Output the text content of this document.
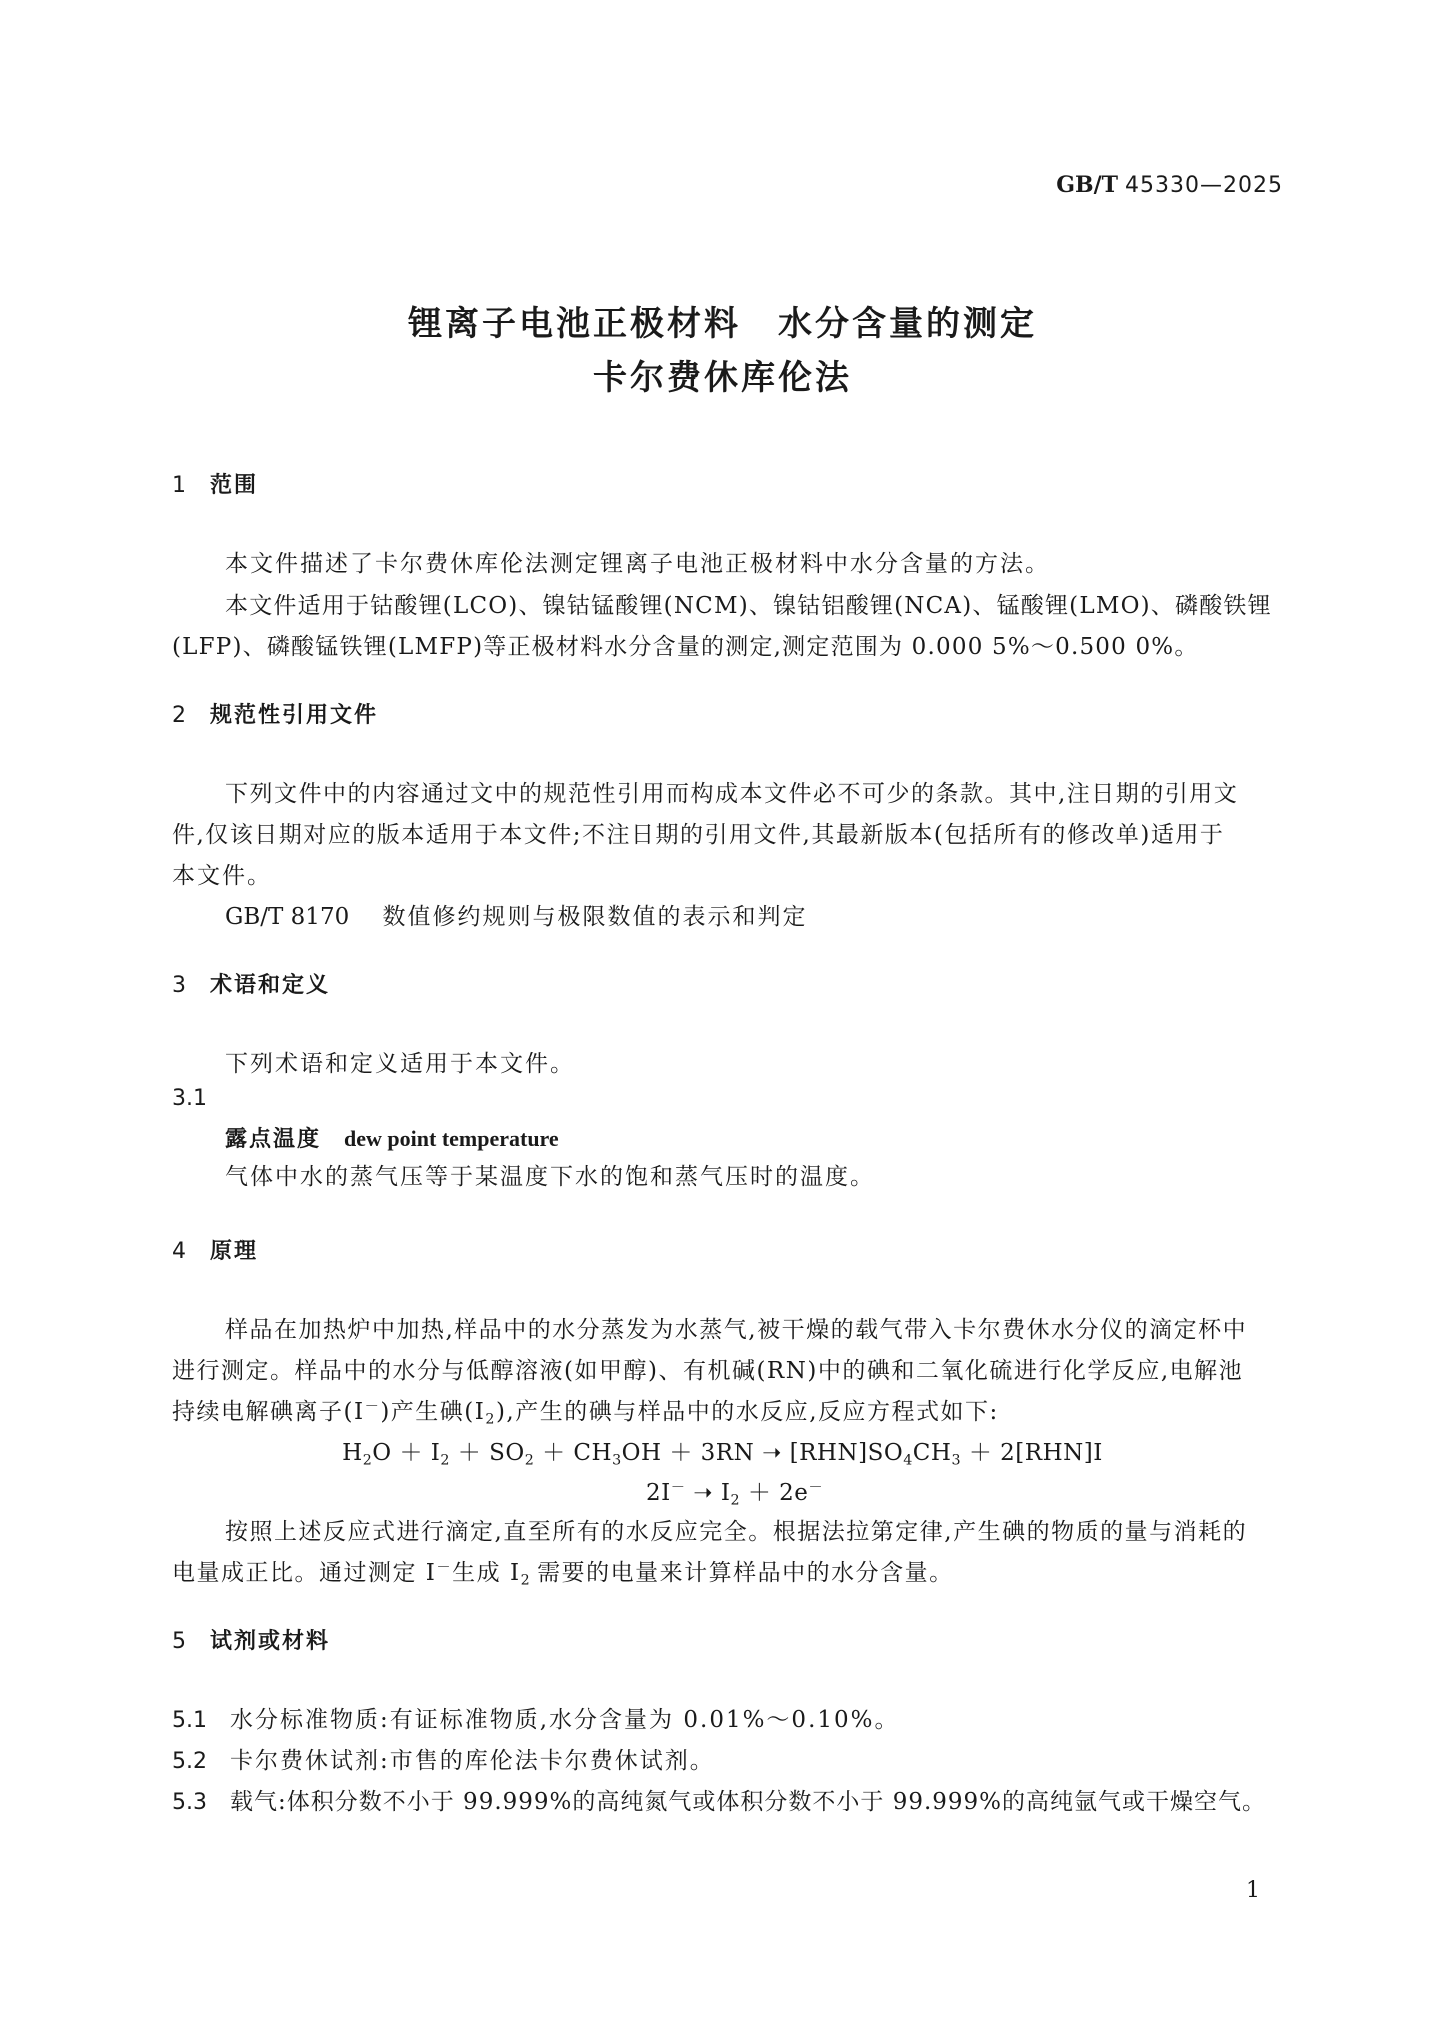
GB/T 45330—2025
锂离子电池正极材料　水分含量的测定
卡尔费休库伦法
1 范围
本文件描述了卡尔费休库伦法测定锂离子电池正极材料中水分含量的方法。
本文件适用于钴酸锂(LCO)、镍钴锰酸锂(NCM)、镍钴铝酸锂(NCA)、锰酸锂(LMO)、磷酸铁锂
(LFP)、磷酸锰铁锂(LMFP)等正极材料水分含量的测定,测定范围为 0.000 5%～0.500 0%。
2 规范性引用文件
下列文件中的内容通过文中的规范性引用而构成本文件必不可少的条款。其中,注日期的引用文
件,仅该日期对应的版本适用于本文件;不注日期的引用文件,其最新版本(包括所有的修改单)适用于
本文件。
GB/T 8170 数值修约规则与极限数值的表示和判定
3 术语和定义
下列术语和定义适用于本文件。
3.1
露点温度 dew point temperature
气体中水的蒸气压等于某温度下水的饱和蒸气压时的温度。
4 原理
样品在加热炉中加热,样品中的水分蒸发为水蒸气,被干燥的载气带入卡尔费休水分仪的滴定杯中
进行测定。样品中的水分与低醇溶液(如甲醇)、有机碱(RN)中的碘和二氧化硫进行化学反应,电解池
持续电解碘离子(I－)产生碘$(I_2)$,产生的碘与样品中的水反应,反应方程式如下:
$H_2O + I_2 + SO_2 + CH_3OH + 3RN$ ➝ $[RHN]SO_4CH_3 + 2[RHN]I$
2I－ ➝ $I_2 + 2e^-$
按照上述反应式进行滴定,直至所有的水反应完全。根据法拉第定律,产生碘的物质的量与消耗的
电量成正比。通过测定 I－生成 $I_2$ 需要的电量来计算样品中的水分含量。
5 试剂或材料
5.1 水分标准物质:有证标准物质,水分含量为 0.01%～0.10%。
5.2 卡尔费休试剂:市售的库伦法卡尔费休试剂。
5.3 载气:体积分数不小于 99.999%的高纯氮气或体积分数不小于 99.999%的高纯氩气或干燥空气。
1
